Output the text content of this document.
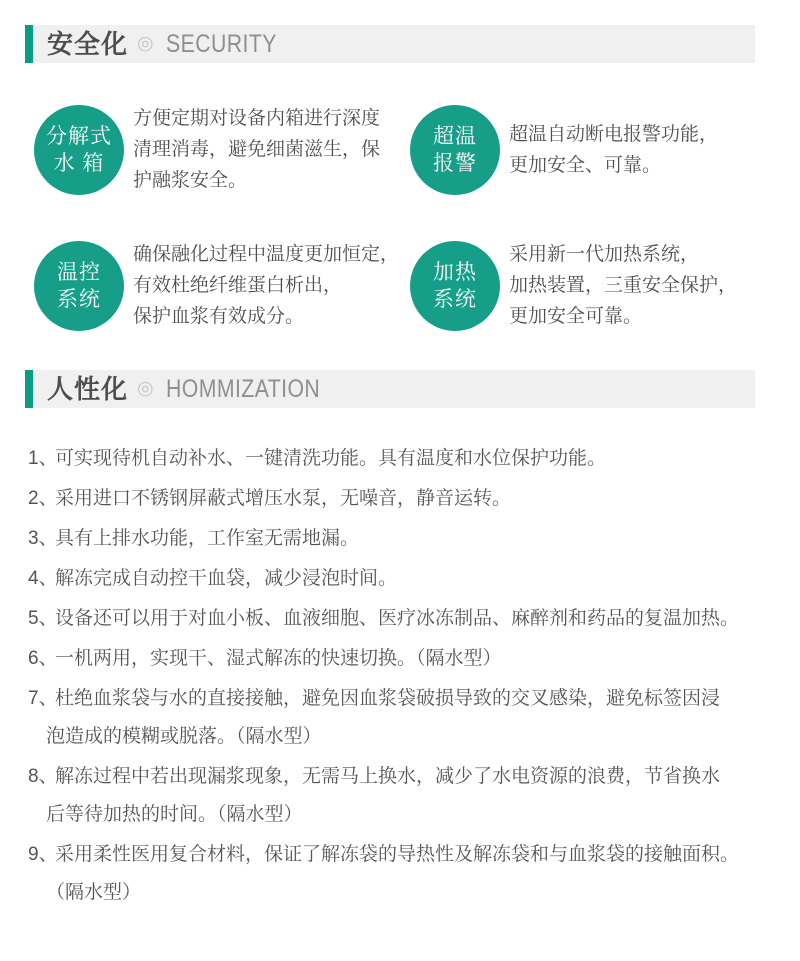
安全化 ◎ SECURITY
分解式
水 箱
方便定期对设备内箱进行深度
清理消毒，避免细菌滋生，保
护融浆安全。
超温
报警
超温自动断电报警功能，
更加安全、可靠。
温控
系统
确保融化过程中温度更加恒定，
有效杜绝纤维蛋白析出，
保护血浆有效成分。
加热
系统
采用新一代加热系统，
加热装置，三重安全保护，
更加安全可靠。
人性化 ◎ HOMMIZATION
1、
可实现待机自动补水、一键清洗功能。具有温度和水位保护功能。
2、
采用进口不锈钢屏蔽式增压水泵，无噪音，静音运转。
3、
具有上排水功能，工作室无需地漏。
4、
解冻完成自动控干血袋，减少浸泡时间。
5、
设备还可以用于对血小板、血液细胞、医疗冰冻制品、麻醉剂和药品的复温加热。
6、
一机两用，实现干、湿式解冻的快速切换。（隔水型）
7、
杜绝血浆袋与水的直接接触，避免因血浆袋破损导致的交叉感染，避免标签因浸
泡造成的模糊或脱落。（隔水型）
8、
解冻过程中若出现漏浆现象，无需马上换水，减少了水电资源的浪费，节省换水
后等待加热的时间。（隔水型）
9、
采用柔性医用复合材料，保证了解冻袋的导热性及解冻袋和与血浆袋的接触面积。
（隔水型）
